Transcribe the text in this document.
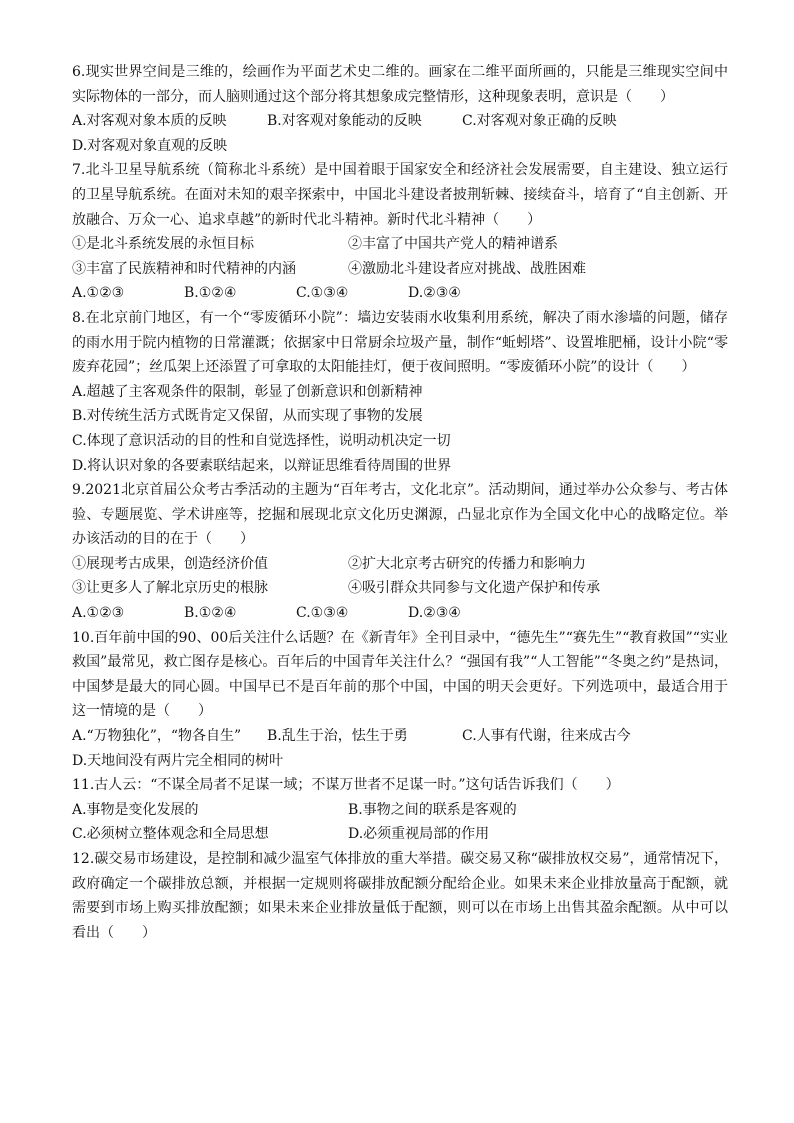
6.现实世界空间是三维的，绘画作为平面艺术史二维的。画家在二维平面所画的，只能是三维现实空间中实际物体的一部分，而人脑则通过这个部分将其想象成完整情形，这种现象表明，意识是（　　）

A.对客观对象本质的反映	B.对客观对象能动的反映	C.对客观对象正确的反映
D.对客观对象直观的反映

7.北斗卫星导航系统（简称北斗系统）是中国着眼于国家安全和经济社会发展需要，自主建设、独立运行的卫星导航系统。在面对未知的艰辛探索中，中国北斗建设者披荆斩棘、接续奋斗，培育了“自主创新、开放融合、万众一心、追求卓越”的新时代北斗精神。新时代北斗精神（　　）

①是北斗系统发展的永恒目标	②丰富了中国共产党人的精神谱系
③丰富了民族精神和时代精神的内涵	④激励北斗建设者应对挑战、战胜困难
A.①②③	B.①②④	C.①③④	D.②③④

8.在北京前门地区，有一个“零废循环小院”：墙边安装雨水收集利用系统，解决了雨水渗墙的问题，储存的雨水用于院内植物的日常灌溉；依据家中日常厨余垃圾产量，制作“蚯蚓塔”、设置堆肥桶，设计小院“零废弃花园”；丝瓜架上还添置了可拿取的太阳能挂灯，便于夜间照明。“零废循环小院”的设计（　　）

A.超越了主客观条件的限制，彰显了创新意识和创新精神
B.对传统生活方式既肯定又保留，从而实现了事物的发展
C.体现了意识活动的目的性和自觉选择性，说明动机决定一切
D.将认识对象的各要素联结起来，以辩证思维看待周围的世界

9.2021北京首届公众考古季活动的主题为“百年考古，文化北京”。活动期间，通过举办公众参与、考古体验、专题展览、学术讲座等，挖掘和展现北京文化历史渊源，凸显北京作为全国文化中心的战略定位。举办该活动的目的在于（　　）

①展现考古成果，创造经济价值	②扩大北京考古研究的传播力和影响力
③让更多人了解北京历史的根脉	④吸引群众共同参与文化遗产保护和传承
A.①②③	B.①②④	C.①③④	D.②③④

10.百年前中国的90、00后关注什么话题？在《新青年》全刊目录中，“德先生”“赛先生”“教育救国”“实业救国”最常见，救亡图存是核心。百年后的中国青年关注什么？“强国有我”“人工智能”“冬奥之约”是热词，中国梦是最大的同心圆。中国早已不是百年前的那个中国，中国的明天会更好。下列选项中，最适合用于这一情境的是（　　）

A.“万物独化”，“物各自生”	B.乱生于治，怯生于勇	C.人事有代谢，往来成古今
D.天地间没有两片完全相同的树叶

11.古人云：“不谋全局者不足谋一域；不谋万世者不足谋一时。”这句话告诉我们（　　）

A.事物是变化发展的	B.事物之间的联系是客观的
C.必须树立整体观念和全局思想	D.必须重视局部的作用

12.碳交易市场建设，是控制和减少温室气体排放的重大举措。碳交易又称“碳排放权交易”，通常情况下，政府确定一个碳排放总额，并根据一定规则将碳排放配额分配给企业。如果未来企业排放量高于配额，就需要到市场上购买排放配额；如果未来企业排放量低于配额，则可以在市场上出售其盈余配额。从中可以看出（　　）
